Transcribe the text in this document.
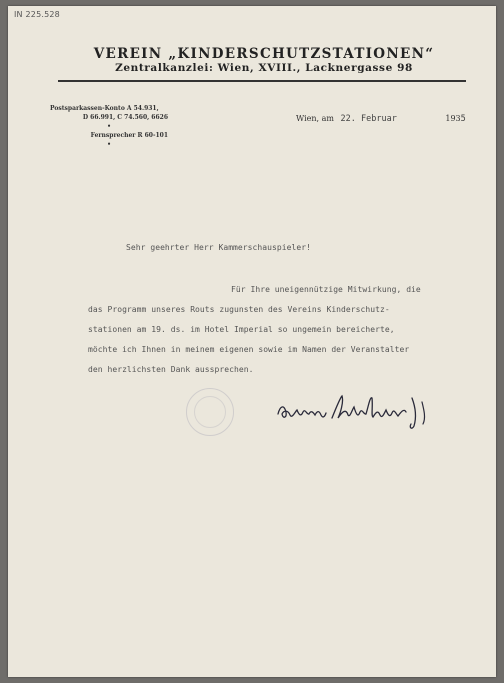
IN 225.528
VEREIN „KINDERSCHUTZSTATIONEN“
Zentralkanzlei: Wien, XVIII., Lacknergasse 98
Postsparkassen-Konto A 54.931,
D 66.991, C 74.560, 6626
•
Fernsprecher R 60-101
•
Wien, am 22. Februar	1935
Sehr geehrter Herr Kammerschauspieler!
Für Ihre uneigennützige Mitwirkung, die
das Programm unseres Routs zugunsten des Vereins Kinderschutz-
stationen am 19. ds. im Hotel Imperial so ungemein bereicherte,
möchte ich Ihnen in meinem eigenen sowie im Namen der Veranstalter
den herzlichsten Dank aussprechen.
